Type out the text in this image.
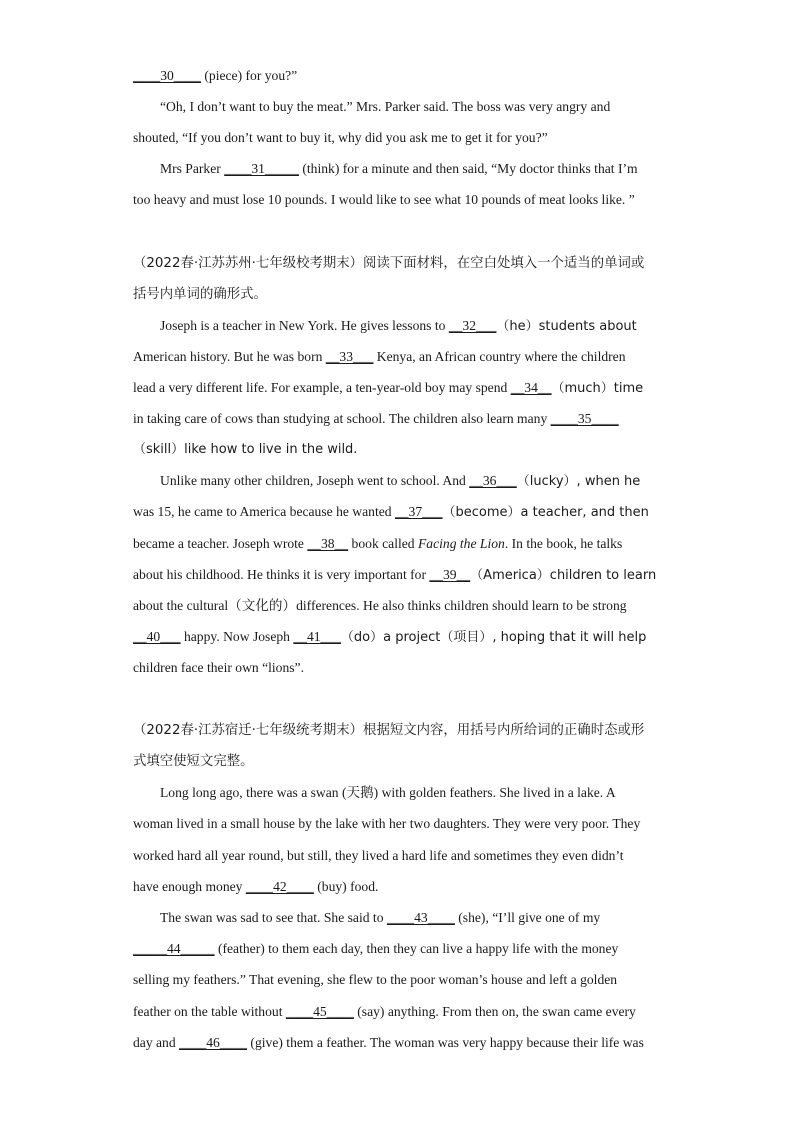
____30____ (piece) for you?”
“Oh, I don’t want to buy the meat.” Mrs. Parker said. The boss was very angry and
shouted, “If you don’t want to buy it, why did you ask me to get it for you?”
Mrs Parker ____31_____ (think) for a minute and then said, “My doctor thinks that I’m
too heavy and must lose 10 pounds. I would like to see what 10 pounds of meat looks like. ”
（2022春·江苏苏州·七年级校考期末）阅读下面材料，在空白处填入一个适当的单词或
括号内单词的确形式。
Joseph is a teacher in New York. He gives lessons to __32___（he）students about
American history. But he was born __33___ Kenya, an African country where the children
lead a very different life. For example, a ten-year-old boy may spend __34__（much）time
in taking care of cows than studying at school. The children also learn many ____35____
（skill）like how to live in the wild.
Unlike many other children, Joseph went to school. And __36___（lucky）, when he
was 15, he came to America because he wanted __37___（become）a teacher, and then
became a teacher. Joseph wrote __38__ book called Facing the Lion. In the book, he talks
about his childhood. He thinks it is very important for __39__（America）children to learn
about the cultural（文化的）differences. He also thinks children should learn to be strong
__40___ happy. Now Joseph __41___（do）a project（项目）, hoping that it will help
children face their own “lions”.
（2022春·江苏宿迁·七年级统考期末）根据短文内容，用括号内所给词的正确时态或形
式填空使短文完整。
Long long ago, there was a swan (天鹅) with golden feathers. She lived in a lake. A
woman lived in a small house by the lake with her two daughters. They were very poor. They
worked hard all year round, but still, they lived a hard life and sometimes they even didn’t
have enough money ____42____ (buy) food.
The swan was sad to see that. She said to ____43____ (she), “I’ll give one of my
_____44_____ (feather) to them each day, then they can live a happy life with the money
selling my feathers.” That evening, she flew to the poor woman’s house and left a golden
feather on the table without ____45____ (say) anything. From then on, the swan came every
day and ____46____ (give) them a feather. The woman was very happy because their life was
